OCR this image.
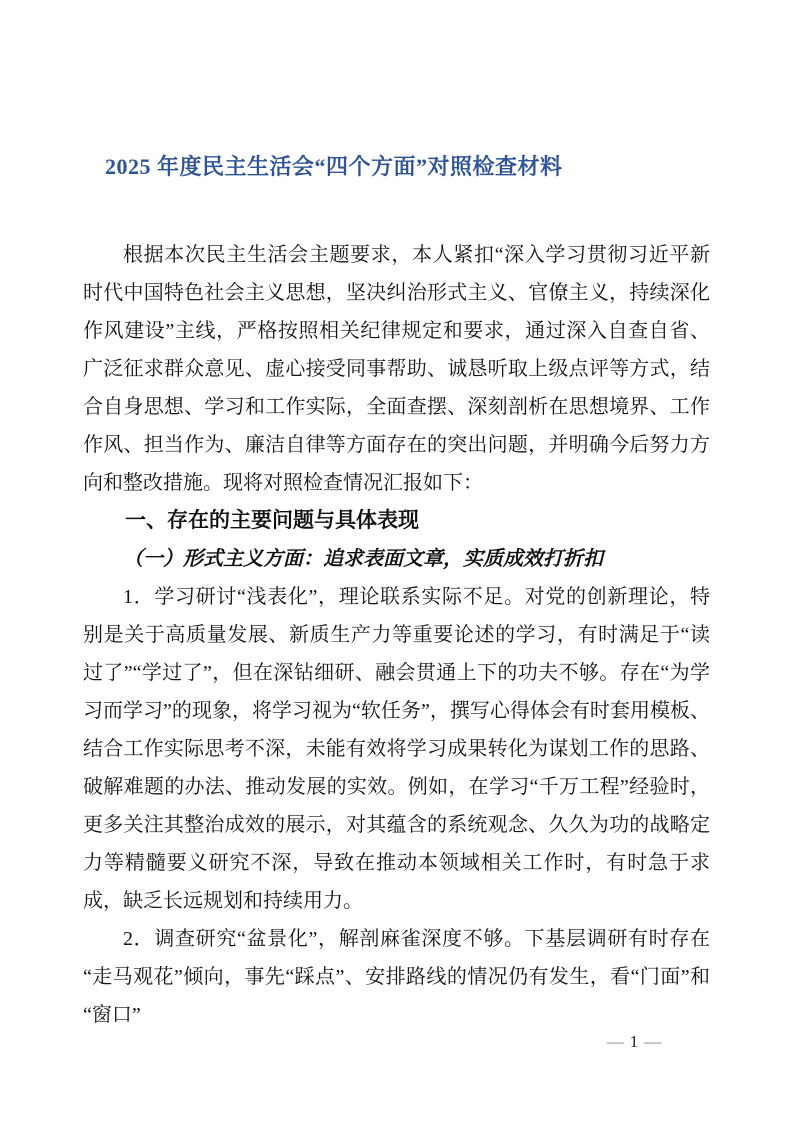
2025 年度民主生活会“四个方面”对照检查材料

根据本次民主生活会主题要求，本人紧扣“深入学习贯彻习近平新时代中国特色社会主义思想，坚决纠治形式主义、官僚主义，持续深化作风建设”主线，严格按照相关纪律规定和要求，通过深入自查自省、广泛征求群众意见、虚心接受同事帮助、诚恳听取上级点评等方式，结合自身思想、学习和工作实际，全面查摆、深刻剖析在思想境界、工作作风、担当作为、廉洁自律等方面存在的突出问题，并明确今后努力方向和整改措施。现将对照检查情况汇报如下：

一、存在的主要问题与具体表现
（一）形式主义方面：追求表面文章，实质成效打折扣

1．学习研讨“浅表化”，理论联系实际不足。对党的创新理论，特别是关于高质量发展、新质生产力等重要论述的学习，有时满足于“读过了”“学过了”，但在深钻细研、融会贯通上下的功夫不够。存在“为学习而学习”的现象，将学习视为“软任务”，撰写心得体会有时套用模板、结合工作实际思考不深，未能有效将学习成果转化为谋划工作的思路、破解难题的办法、推动发展的实效。例如，在学习“千万工程”经验时，更多关注其整治成效的展示，对其蕴含的系统观念、久久为功的战略定力等精髓要义研究不深，导致在推动本领域相关工作时，有时急于求成，缺乏长远规划和持续用力。

2．调查研究“盆景化”，解剖麻雀深度不够。下基层调研有时存在“走马观花”倾向，事先“踩点”、安排路线的情况仍有发生，看“门面”和“窗口”

— 1 —
